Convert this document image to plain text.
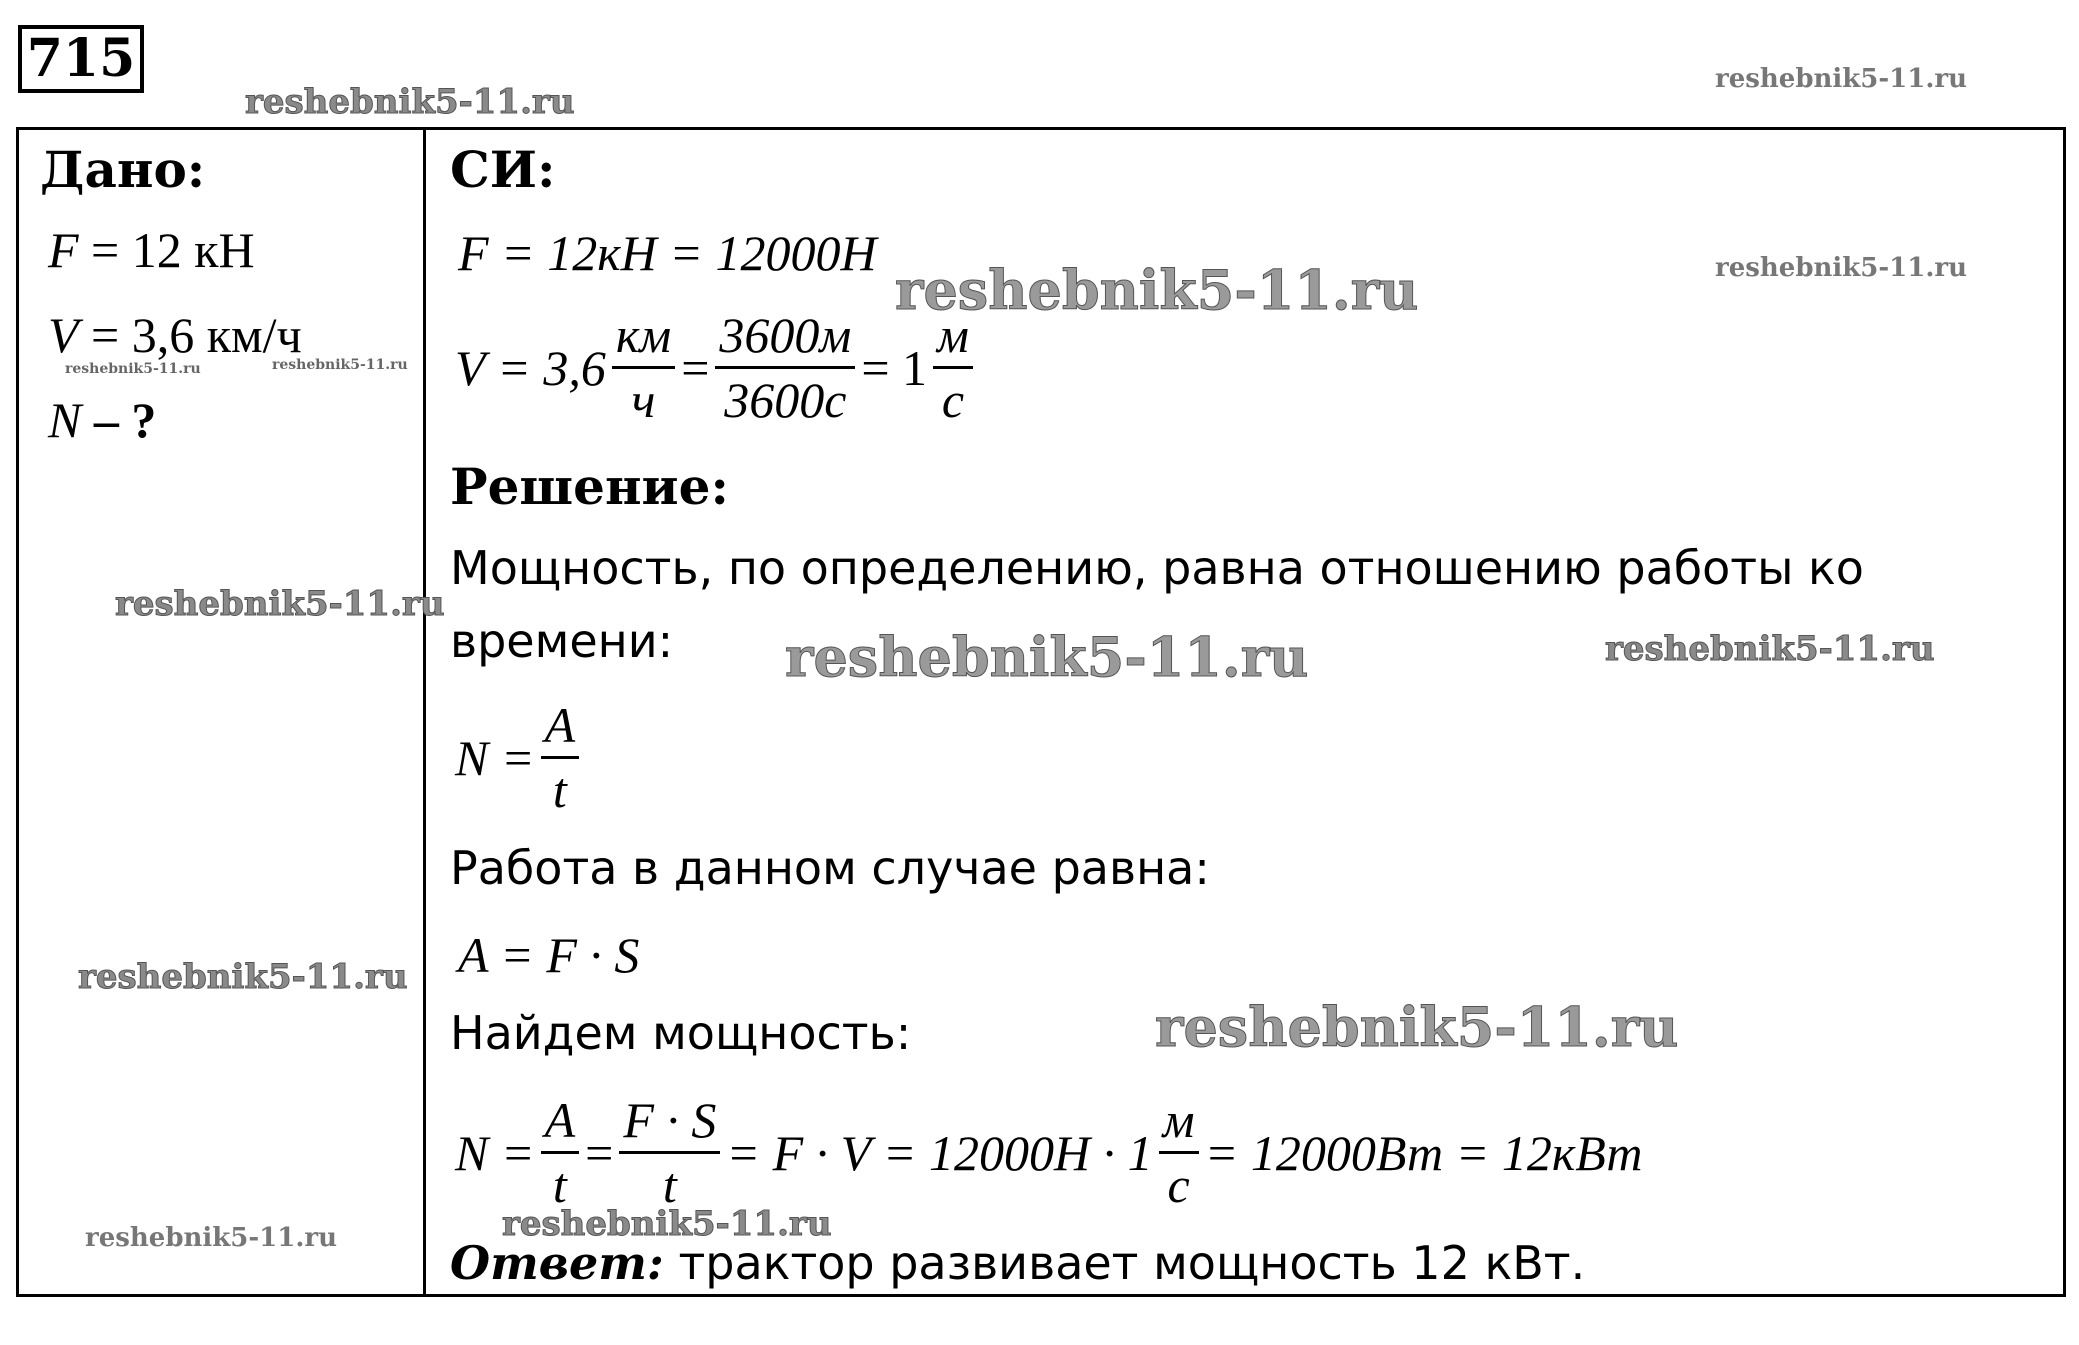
715
Дано:
F = 12 кН
V = 3,6 км/ч
N – ?
СИ:
F = 12кН = 12000Н
$V = 3,6 \frac{км}{ч} = \frac{3600м}{3600с} = 1 \frac{м}{с}$
Решение:
Мощность, по определению, равна отношению работы ко
времени:
$N = \frac{A}{t}$
Работа в данном случае равна:
A = F · S
Найдем мощность:
$N = \frac{A}{t} = \frac{F \cdot S}{t} = F \cdot V = 12000Н \cdot 1 \frac{м}{с} = 12000Вт = 12кВт$
Ответ: трактор развивает мощность 12 кВт.
reshebnik5-11.ru
reshebnik5-11.ru
reshebnik5-11.ru
reshebnik5-11.ru
reshebnik5-11.ru	reshebnik5-11.ru
reshebnik5-11.ru
reshebnik5-11.ru	reshebnik5-11.ru
reshebnik5-11.ru
reshebnik5-11.ru
reshebnik5-11.ru	reshebnik5-11.ru
